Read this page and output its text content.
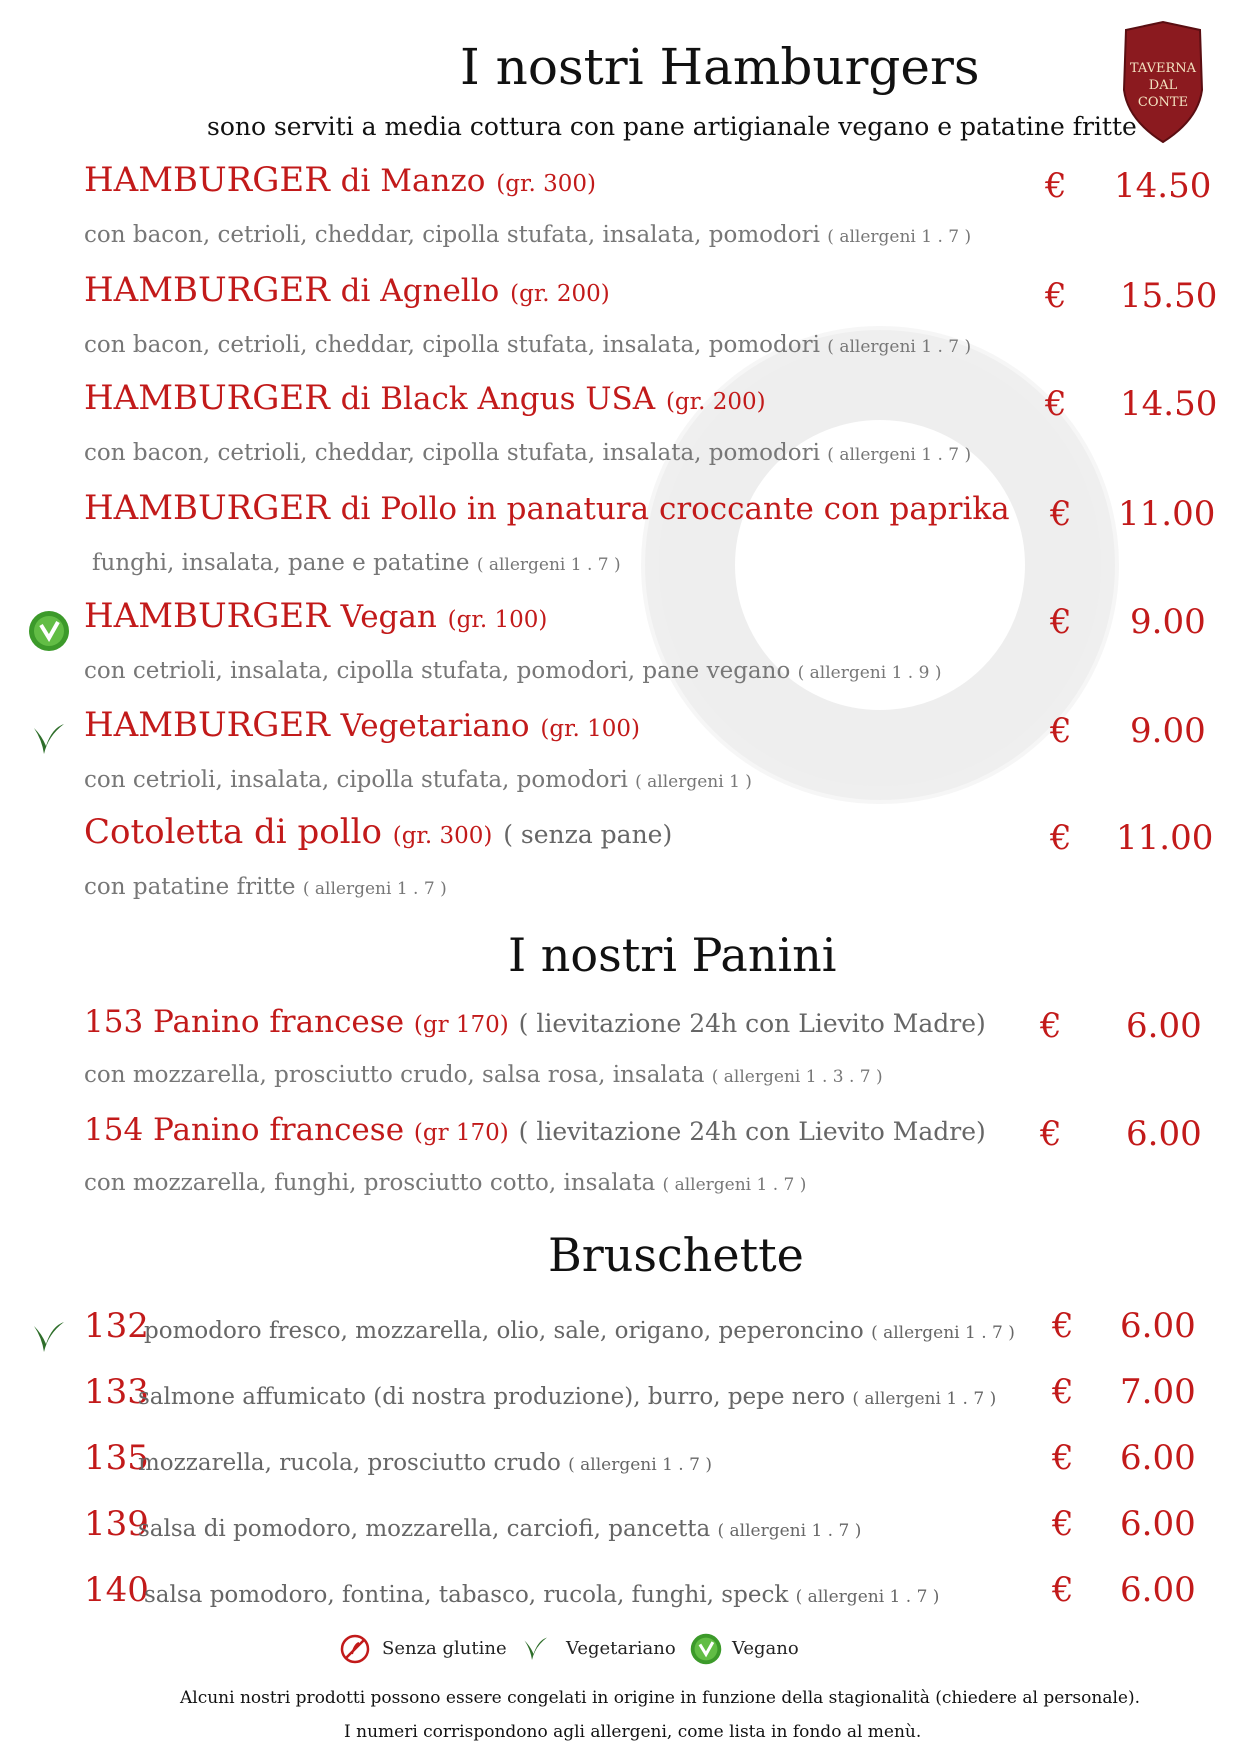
TAVERNA DAL CONTE
I nostri Hamburgers
sono serviti a media cottura con pane artigianale vegano e patatine fritte
HAMBURGER di Manzo (gr. 300)
con bacon, cetrioli, cheddar, cipolla stufata, insalata, pomodori ( allergeni 1 . 7 )
€ 14.50
HAMBURGER di Agnello (gr. 200)
con bacon, cetrioli, cheddar, cipolla stufata, insalata, pomodori ( allergeni 1 . 7 )
€ 15.50
HAMBURGER di Black Angus USA (gr. 200)
con bacon, cetrioli, cheddar, cipolla stufata, insalata, pomodori ( allergeni 1 . 7 )
€ 14.50
HAMBURGER di Pollo in panatura croccante con paprika
funghi, insalata, pane e patatine ( allergeni 1 . 7 )
€ 11.00
HAMBURGER Vegan (gr. 100)
con cetrioli, insalata, cipolla stufata, pomodori, pane vegano ( allergeni 1 . 9 )
€ 9.00
HAMBURGER Vegetariano (gr. 100)
con cetrioli, insalata, cipolla stufata, pomodori ( allergeni 1 )
€ 9.00
Cotoletta di pollo (gr. 300) ( senza pane)
con patatine fritte ( allergeni 1 . 7 )
€ 11.00
I nostri Panini
153 Panino francese (gr 170) ( lievitazione 24h con Lievito Madre)
con mozzarella, prosciutto crudo, salsa rosa, insalata ( allergeni 1 . 3 . 7 )
€ 6.00
154 Panino francese (gr 170) ( lievitazione 24h con Lievito Madre)
con mozzarella, funghi, prosciutto cotto, insalata ( allergeni 1 . 7 )
€ 6.00
Bruschette
132
pomodoro fresco, mozzarella, olio, sale, origano, peperoncino ( allergeni 1 . 7 ) € 6.00
133
salmone affumicato (di nostra produzione), burro, pepe nero ( allergeni 1 . 7 ) € 7.00
135
mozzarella, rucola, prosciutto crudo ( allergeni 1 . 7 )	€ 6.00
139
salsa di pomodoro, mozzarella, carciofi, pancetta ( allergeni 1 . 7 )	€ 6.00
140
salsa pomodoro, fontina, tabasco, rucola, funghi, speck ( allergeni 1 . 7 )	€ 6.00
Senza glutine	Vegetariano	Vegano
Alcuni nostri prodotti possono essere congelati in origine in funzione della stagionalità (chiedere al personale).
I numeri corrispondono agli allergeni, come lista in fondo al menù.
